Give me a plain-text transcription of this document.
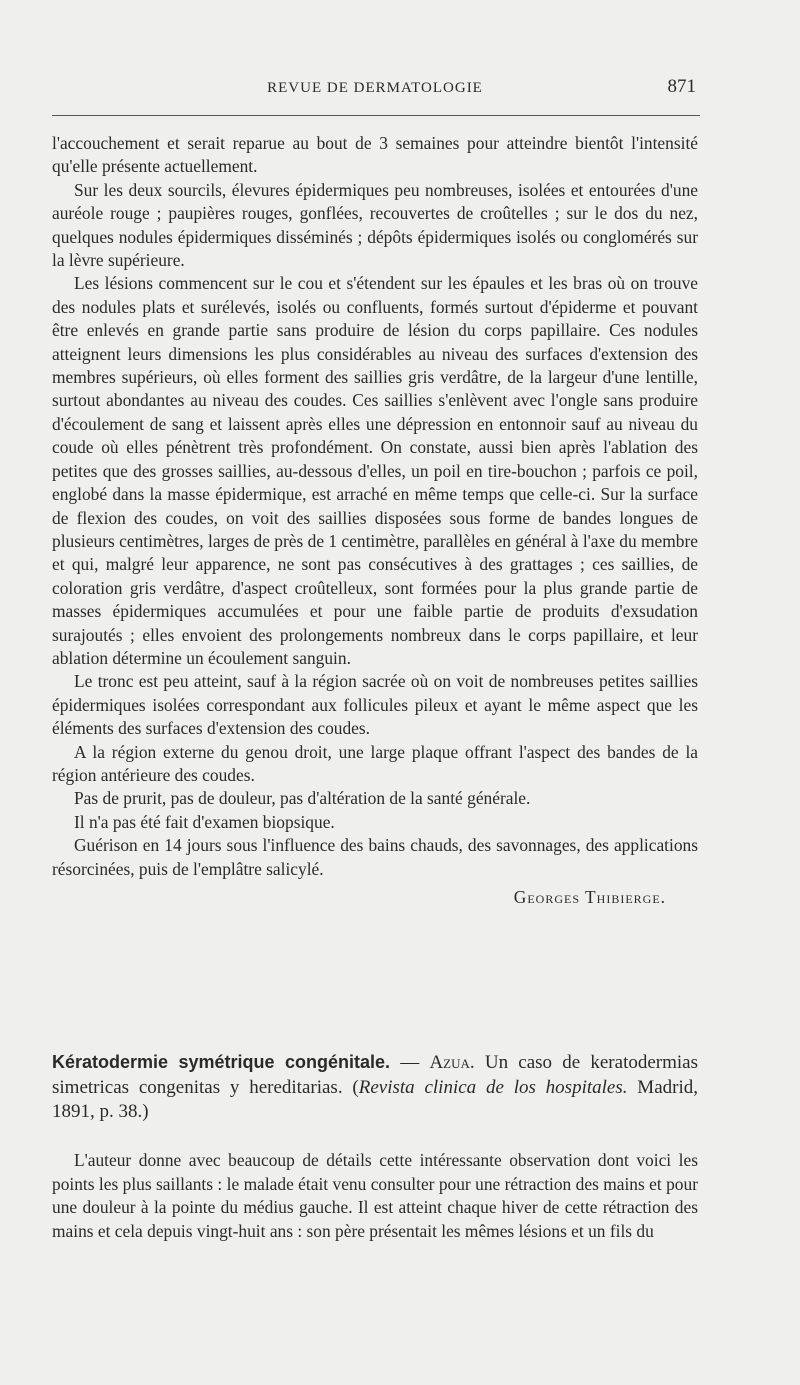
REVUE DE DERMATOLOGIE	871

l'accouchement et serait reparue au bout de 3 semaines pour atteindre bientôt l'intensité qu'elle présente actuellement.

Sur les deux sourcils, élevures épidermiques peu nombreuses, isolées et entourées d'une auréole rouge ; paupières rouges, gonflées, recouvertes de croûtelles ; sur le dos du nez, quelques nodules épidermiques disséminés ; dépôts épidermiques isolés ou conglomérés sur la lèvre supérieure.

Les lésions commencent sur le cou et s'étendent sur les épaules et les bras où on trouve des nodules plats et surélevés, isolés ou confluents, formés surtout d'épiderme et pouvant être enlevés en grande partie sans produire de lésion du corps papillaire. Ces nodules atteignent leurs dimensions les plus considérables au niveau des surfaces d'extension des membres supérieurs, où elles forment des saillies gris verdâtre, de la largeur d'une lentille, surtout abondantes au niveau des coudes. Ces saillies s'enlèvent avec l'ongle sans produire d'écoulement de sang et laissent après elles une dépression en entonnoir sauf au niveau du coude où elles pénètrent très profondément. On constate, aussi bien après l'ablation des petites que des grosses saillies, au-dessous d'elles, un poil en tire-bouchon ; parfois ce poil, englobé dans la masse épidermique, est arraché en même temps que celle-ci. Sur la surface de flexion des coudes, on voit des saillies disposées sous forme de bandes longues de plusieurs centimètres, larges de près de 1 centimètre, parallèles en général à l'axe du membre et qui, malgré leur apparence, ne sont pas consécutives à des grattages ; ces saillies, de coloration gris verdâtre, d'aspect croûtelleux, sont formées pour la plus grande partie de masses épidermiques accumulées et pour une faible partie de produits d'exsudation surajoutés ; elles envoient des prolongements nombreux dans le corps papillaire, et leur ablation détermine un écoulement sanguin.

Le tronc est peu atteint, sauf à la région sacrée où on voit de nombreuses petites saillies épidermiques isolées correspondant aux follicules pileux et ayant le même aspect que les éléments des surfaces d'extension des coudes.

A la région externe du genou droit, une large plaque offrant l'aspect des bandes de la région antérieure des coudes.

Pas de prurit, pas de douleur, pas d'altération de la santé générale.

Il n'a pas été fait d'examen biopsique.

Guérison en 14 jours sous l'influence des bains chauds, des savonnages, des applications résorcinées, puis de l'emplâtre salicylé.

Georges Thibierge.
Kératodermie symétrique congénitale. — Azua. Un caso de keratodermias simetricas congenitas y hereditarias. (Revista clinica de los hospitales. Madrid, 1891, p. 38.)

L'auteur donne avec beaucoup de détails cette intéressante observation dont voici les points les plus saillants : le malade était venu consulter pour une rétraction des mains et pour une douleur à la pointe du médius gauche. Il est atteint chaque hiver de cette rétraction des mains et cela depuis vingt-huit ans : son père présentait les mêmes lésions et un fils du
